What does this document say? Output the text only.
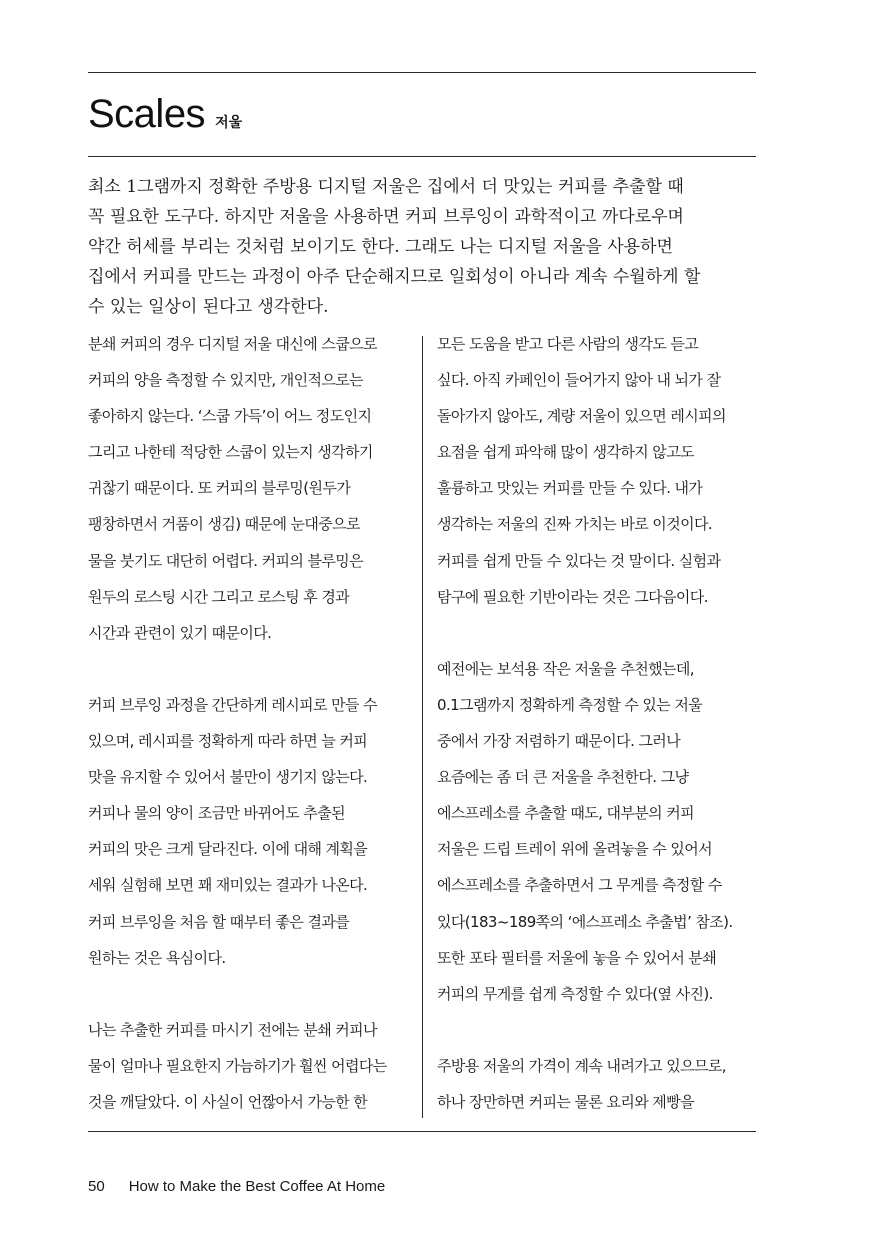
Scales 저울

최소 1그램까지 정확한 주방용 디지털 저울은 집에서 더 맛있는 커피를 추출할 때

꼭 필요한 도구다. 하지만 저울을 사용하면 커피 브루잉이 과학적이고 까다로우며

약간 허세를 부리는 것처럼 보이기도 한다. 그래도 나는 디지털 저울을 사용하면

집에서 커피를 만드는 과정이 아주 단순해지므로 일회성이 아니라 계속 수월하게 할

수 있는 일상이 된다고 생각한다.

분쇄 커피의 경우 디지털 저울 대신에 스쿱으로

커피의 양을 측정할 수 있지만, 개인적으로는

좋아하지 않는다. ‘스쿱 가득’이 어느 정도인지

그리고 나한테 적당한 스쿱이 있는지 생각하기

귀찮기 때문이다. 또 커피의 블루밍(원두가

팽창하면서 거품이 생김) 때문에 눈대중으로

물을 붓기도 대단히 어렵다. 커피의 블루밍은

원두의 로스팅 시간 그리고 로스팅 후 경과

시간과 관련이 있기 때문이다.

커피 브루잉 과정을 간단하게 레시피로 만들 수

있으며, 레시피를 정확하게 따라 하면 늘 커피

맛을 유지할 수 있어서 불만이 생기지 않는다.

커피나 물의 양이 조금만 바뀌어도 추출된

커피의 맛은 크게 달라진다. 이에 대해 계획을

세워 실험해 보면 꽤 재미있는 결과가 나온다.

커피 브루잉을 처음 할 때부터 좋은 결과를

원하는 것은 욕심이다.

나는 추출한 커피를 마시기 전에는 분쇄 커피나

물이 얼마나 필요한지 가늠하기가 훨씬 어렵다는

것을 깨달았다. 이 사실이 언짢아서 가능한 한

모든 도움을 받고 다른 사람의 생각도 듣고

싶다. 아직 카페인이 들어가지 않아 내 뇌가 잘

돌아가지 않아도, 계량 저울이 있으면 레시피의

요점을 쉽게 파악해 많이 생각하지 않고도

훌륭하고 맛있는 커피를 만들 수 있다. 내가

생각하는 저울의 진짜 가치는 바로 이것이다.

커피를 쉽게 만들 수 있다는 것 말이다. 실험과

탐구에 필요한 기반이라는 것은 그다음이다.

예전에는 보석용 작은 저울을 추천했는데,

0.1그램까지 정확하게 측정할 수 있는 저울

중에서 가장 저렴하기 때문이다. 그러나

요즘에는 좀 더 큰 저울을 추천한다. 그냥

에스프레소를 추출할 때도, 대부분의 커피

저울은 드립 트레이 위에 올려놓을 수 있어서

에스프레소를 추출하면서 그 무게를 측정할 수

있다(183~189쪽의 ‘에스프레소 추출법’ 참조).

또한 포타 필터를 저울에 놓을 수 있어서 분쇄

커피의 무게를 쉽게 측정할 수 있다(옆 사진).

주방용 저울의 가격이 계속 내려가고 있으므로,

하나 장만하면 커피는 물론 요리와 제빵을

50 How to Make the Best Coffee At Home
